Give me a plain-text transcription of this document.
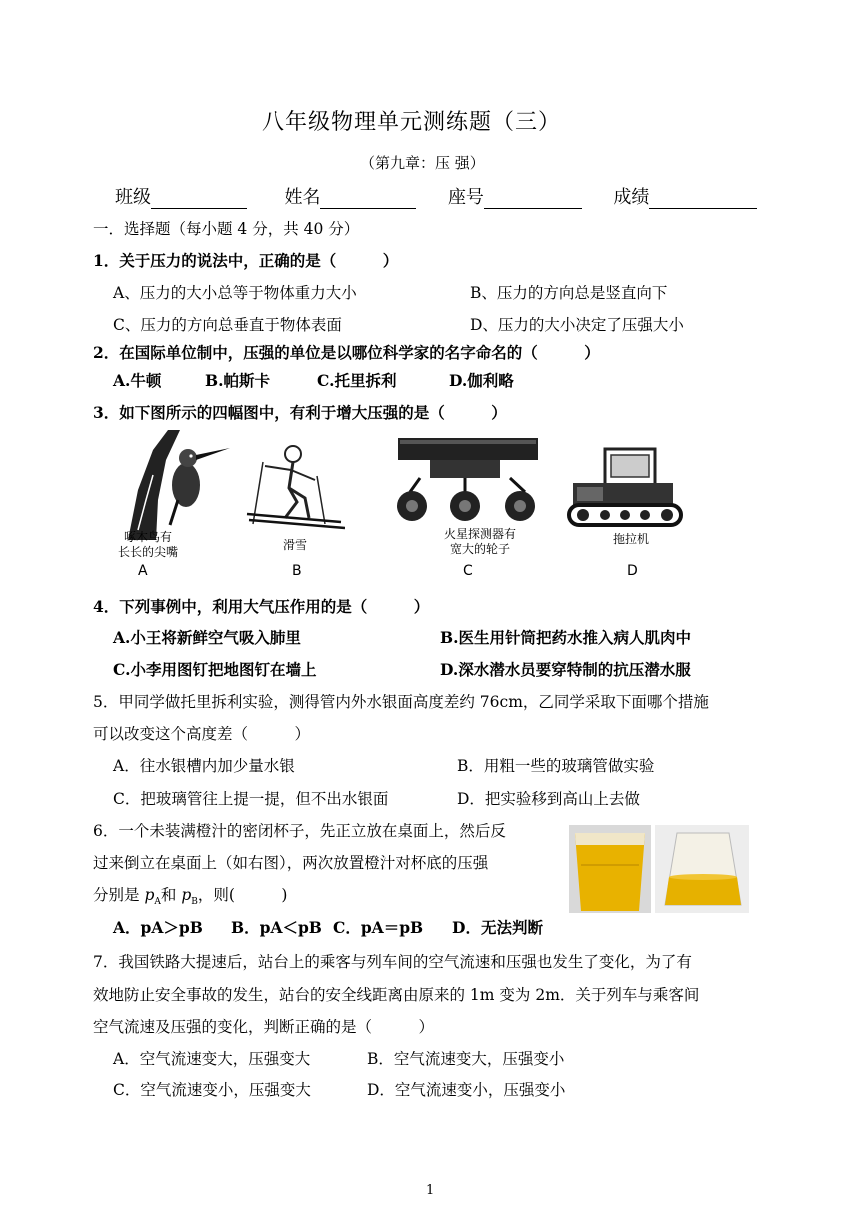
八年级物理单元测练题（三）
（第九章：压 强）
班级	姓名	座号	成绩
一．选择题（每小题 4 分，共 40 分）
1．关于压力的说法中，正确的是（　　　）
A、压力的大小总等于物体重力大小	B、压力的方向总是竖直向下
C、压力的方向总垂直于物体表面	D、压力的大小决定了压强大小
2．在国际单位制中，压强的单位是以哪位科学家的名字命名的（　　　）
A.牛顿	B.帕斯卡	C.托里拆利	D.伽利略
3．如下图所示的四幅图中，有利于增大压强的是（　　　）
啄木鸟有
长长的尖嘴
A
滑雪
B
火星探测器有
宽大的轮子
C
拖拉机
D
4．下列事例中，利用大气压作用的是（　　　）
A.小王将新鲜空气吸入肺里	B.医生用针筒把药水推入病人肌肉中
C.小李用图钉把地图钉在墙上	D.深水潜水员要穿特制的抗压潜水服
5．甲同学做托里拆利实验，测得管内外水银面高度差约 76cm，乙同学采取下面哪个措施
可以改变这个高度差（　　　）
A．往水银槽内加少量水银	B．用粗一些的玻璃管做实验
C．把玻璃管往上提一提，但不出水银面	D．把实验移到高山上去做
6．一个未装满橙汁的密闭杯子，先正立放在桌面上，然后反
过来倒立在桌面上（如右图），两次放置橙汁对杯底的压强
分别是 $p_A$和 $p_B$，则(　　　)
A．pA＞pB B．pA＜pB C．pA＝pB D．无法判断
7．我国铁路大提速后，站台上的乘客与列车间的空气流速和压强也发生了变化，为了有
效地防止安全事故的发生，站台的安全线距离由原来的 1m 变为 2m．关于列车与乘客间
空气流速及压强的变化，判断正确的是（　　　）
A．空气流速变大，压强变大	B．空气流速变大，压强变小
C．空气流速变小，压强变大	D．空气流速变小，压强变小
1
